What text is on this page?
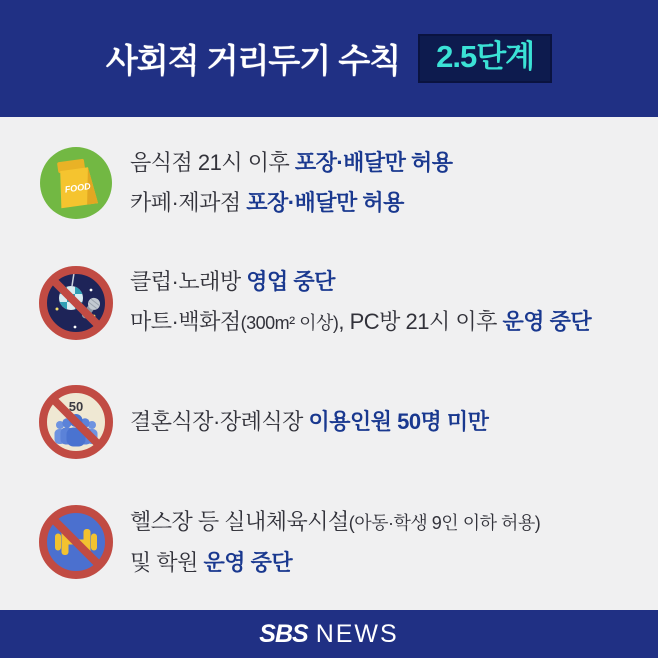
사회적 거리두기 수칙	2.5단계
FOOD

음식점 21시 이후 포장·배달만 허용

카페·제과점 포장·배달만 허용

클럽·노래방 영업 중단

마트·백화점(300m² 이상), PC방 21시 이후 운영 중단

50

결혼식장·장례식장 이용인원 50명 미만

헬스장 등 실내체육시설(아동·학생 9인 이하 허용)

및 학원 운영 중단

SBS NEWS
